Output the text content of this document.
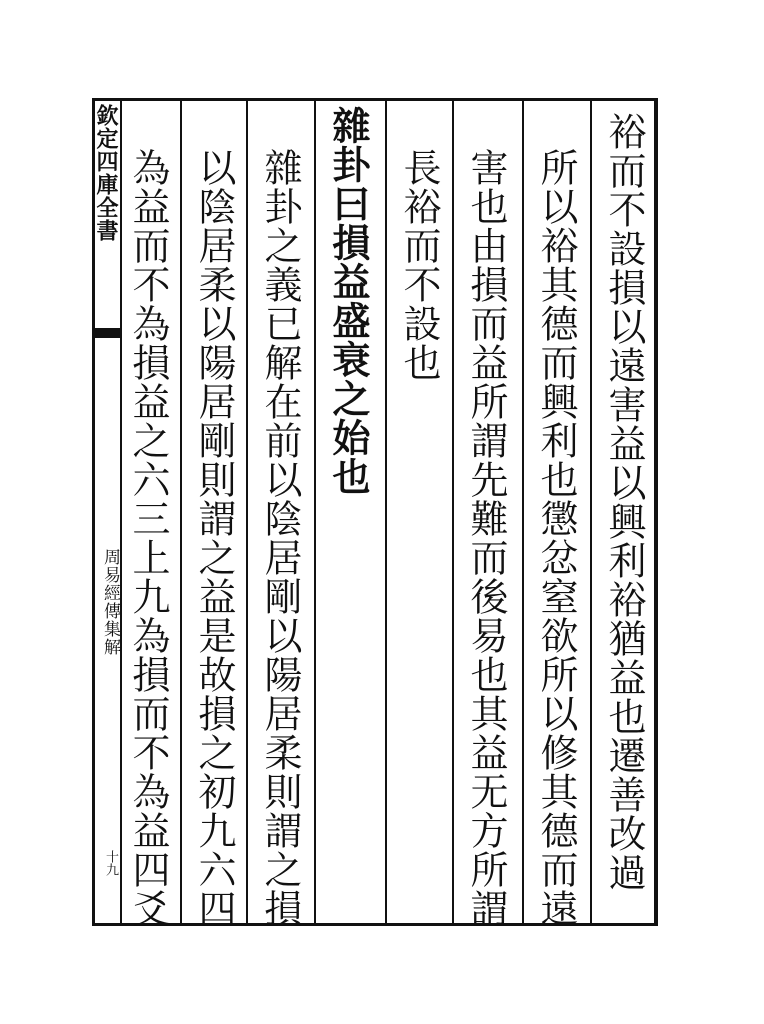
欽定四庫全書
周易經傳集解
十九	裕而不設損以遠害益以興利裕猶益也遷善改過
所以裕其德而興利也懲忿窒欲所以修其德而遠
害也由損而益所謂先難而後易也其益无方所謂
長裕而不設也
雜卦曰損益盛衰之始也
雜卦之義已解在前以陰居剛以陽居柔則謂之損
以陰居柔以陽居剛則謂之益是故損之初九六四
為益而不為損益之六三上九為損而不為益四爻
